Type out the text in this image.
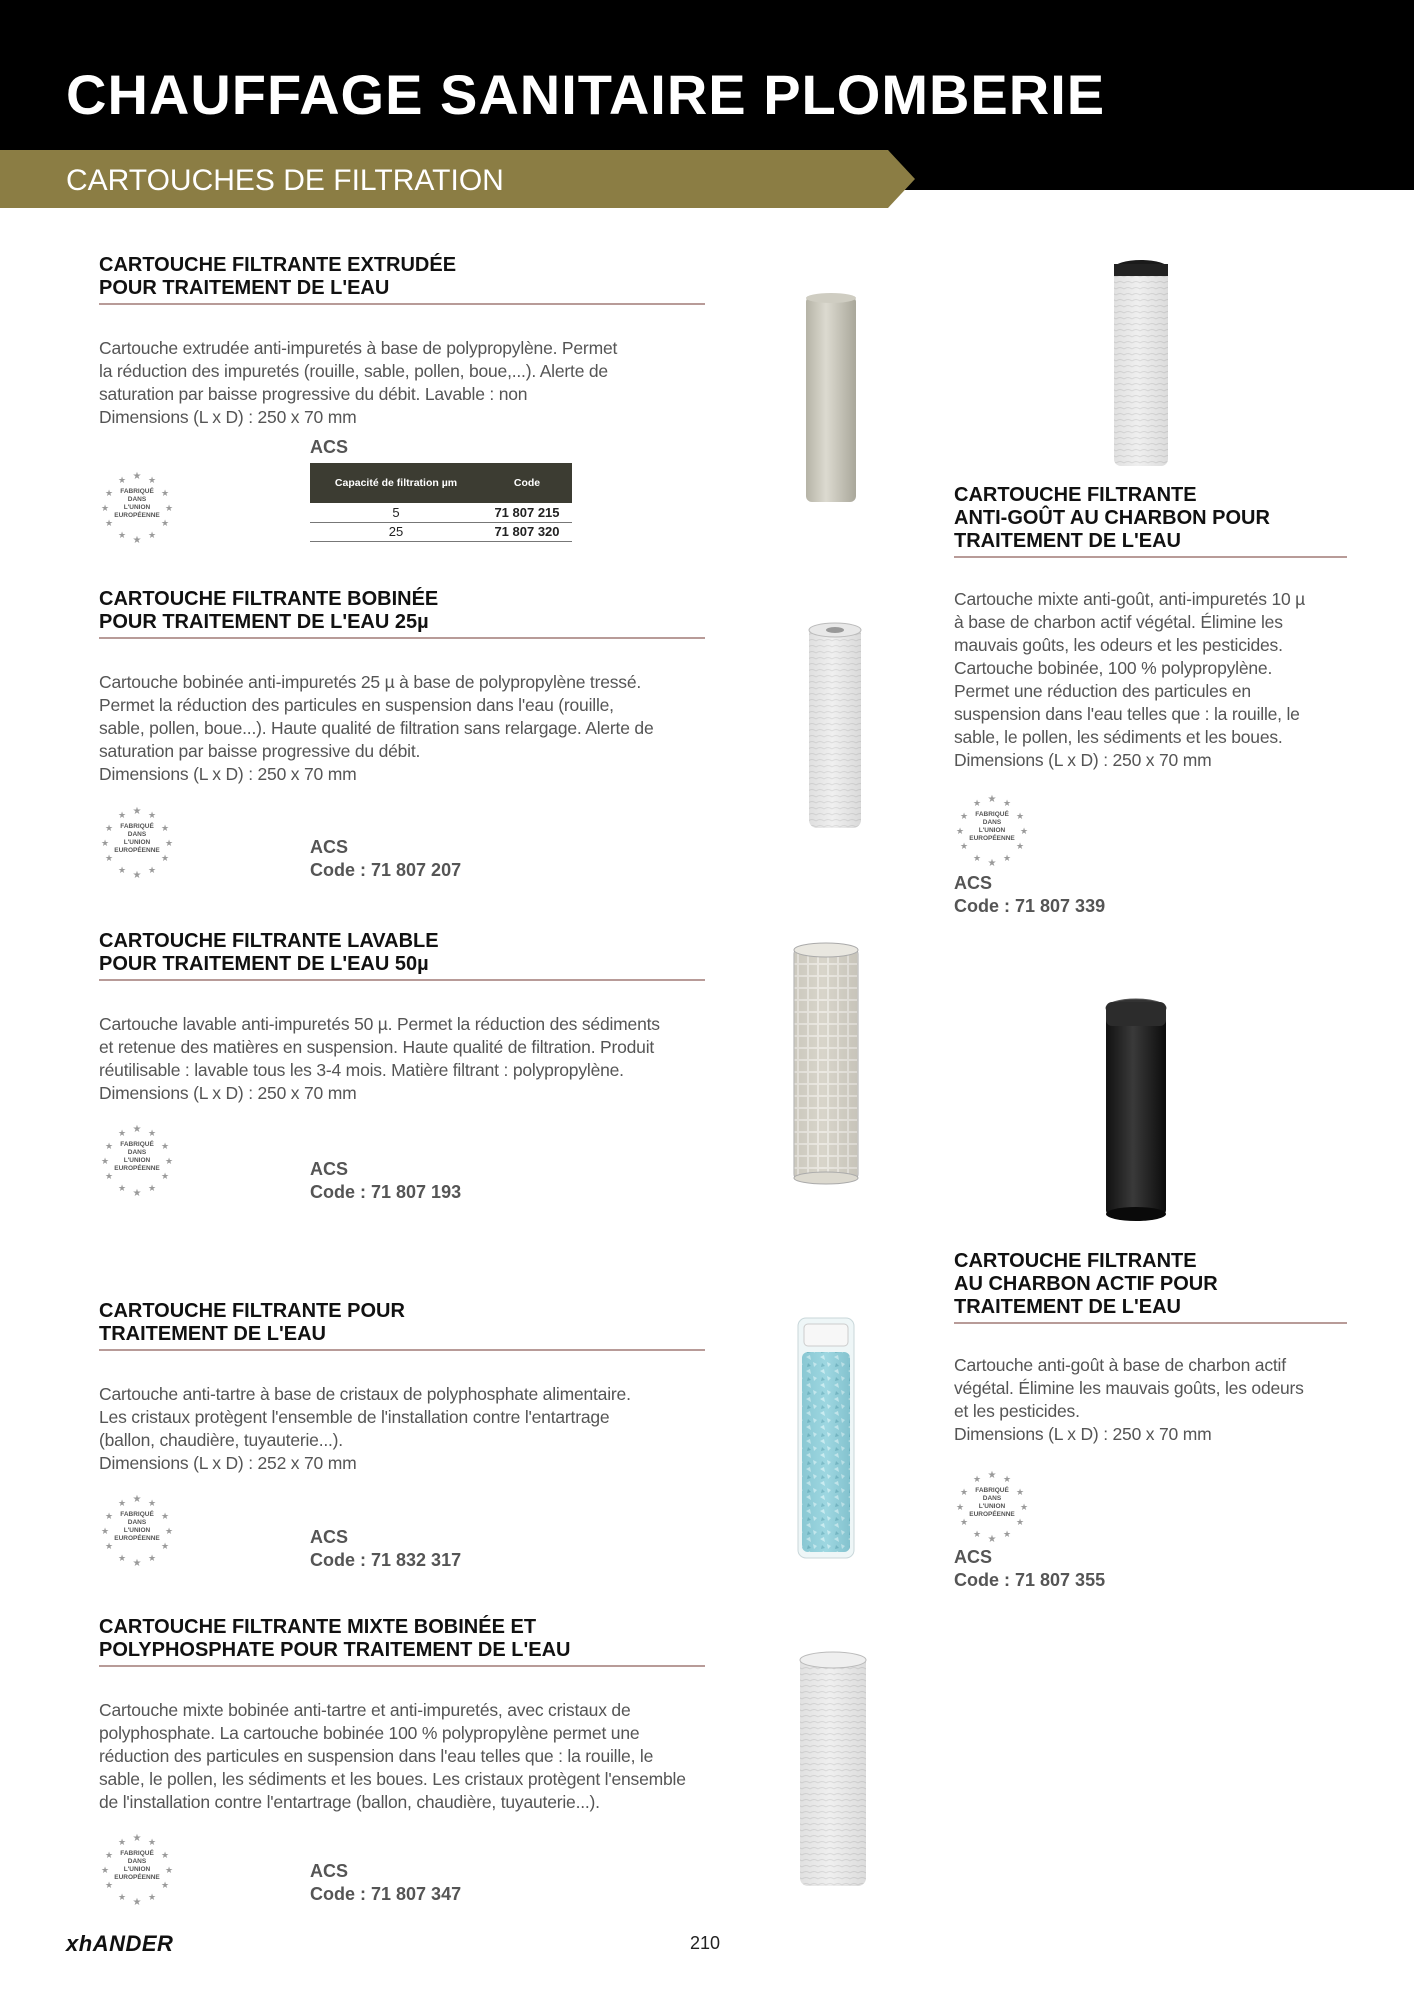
CHAUFFAGE SANITAIRE PLOMBERIE
CARTOUCHES DE FILTRATION
CARTOUCHE FILTRANTE EXTRUDÉE
POUR TRAITEMENT DE L'EAU
Cartouche extrudée anti-impuretés à base de polypropylène. Permet
la réduction des impuretés (rouille, sable, pollen, boue,...). Alerte de
saturation par baisse progressive du débit. Lavable : non
Dimensions (L x D) : 250 x 70 mm
ACS
FABRIQUÉ
DANS
L'UNION
EUROPÉENNE
Capacité de filtration µm	Code
5	71 807 215
25	71 807 320
CARTOUCHE FILTRANTE BOBINÉE
POUR TRAITEMENT DE L'EAU 25µ
Cartouche bobinée anti-impuretés 25 µ à base de polypropylène tressé.
Permet la réduction des particules en suspension dans l'eau (rouille,
sable, pollen, boue...). Haute qualité de filtration sans relargage. Alerte de
saturation par baisse progressive du débit.
Dimensions (L x D) : 250 x 70 mm
FABRIQUÉ
DANS
L'UNION
EUROPÉENNE	ACS
Code : 71 807 207
CARTOUCHE FILTRANTE LAVABLE
POUR TRAITEMENT DE L'EAU 50µ
Cartouche lavable anti-impuretés 50 µ. Permet la réduction des sédiments
et retenue des matières en suspension. Haute qualité de filtration. Produit
réutilisable : lavable tous les 3-4 mois. Matière filtrant : polypropylène.
Dimensions (L x D) : 250 x 70 mm
FABRIQUÉ
DANS
L'UNION
EUROPÉENNE	ACS
Code : 71 807 193
CARTOUCHE FILTRANTE POUR
TRAITEMENT DE L'EAU
Cartouche anti-tartre à base de cristaux de polyphosphate alimentaire.
Les cristaux protègent l'ensemble de l'installation contre l'entartrage
(ballon, chaudière, tuyauterie...).
Dimensions (L x D) : 252 x 70 mm
FABRIQUÉ
DANS
L'UNION
EUROPÉENNE	ACS
Code : 71 832 317
CARTOUCHE FILTRANTE MIXTE BOBINÉE ET
POLYPHOSPHATE POUR TRAITEMENT DE L'EAU
Cartouche mixte bobinée anti-tartre et anti-impuretés, avec cristaux de
polyphosphate. La cartouche bobinée 100 % polypropylène permet une
réduction des particules en suspension dans l'eau telles que : la rouille, le
sable, le pollen, les sédiments et les boues. Les cristaux protègent l'ensemble
de l'installation contre l'entartrage (ballon, chaudière, tuyauterie...).
FABRIQUÉ
DANS
L'UNION
EUROPÉENNE	ACS
Code : 71 807 347
CARTOUCHE FILTRANTE
ANTI-GOÛT AU CHARBON POUR
TRAITEMENT DE L'EAU
Cartouche mixte anti-goût, anti-impuretés 10 µ
à base de charbon actif végétal. Élimine les
mauvais goûts, les odeurs et les pesticides.
Cartouche bobinée, 100 % polypropylène.
Permet une réduction des particules en
suspension dans l'eau telles que : la rouille, le
sable, le pollen, les sédiments et les boues.
Dimensions (L x D) : 250 x 70 mm
FABRIQUÉ
DANS
L'UNION
EUROPÉENNE
ACS
Code : 71 807 339
CARTOUCHE FILTRANTE
AU CHARBON ACTIF POUR
TRAITEMENT DE L'EAU
Cartouche anti-goût à base de charbon actif
végétal. Élimine les mauvais goûts, les odeurs
et les pesticides.
Dimensions (L x D) : 250 x 70 mm
FABRIQUÉ
DANS
L'UNION
EUROPÉENNE
ACS
Code : 71 807 355
xhANDER	210
